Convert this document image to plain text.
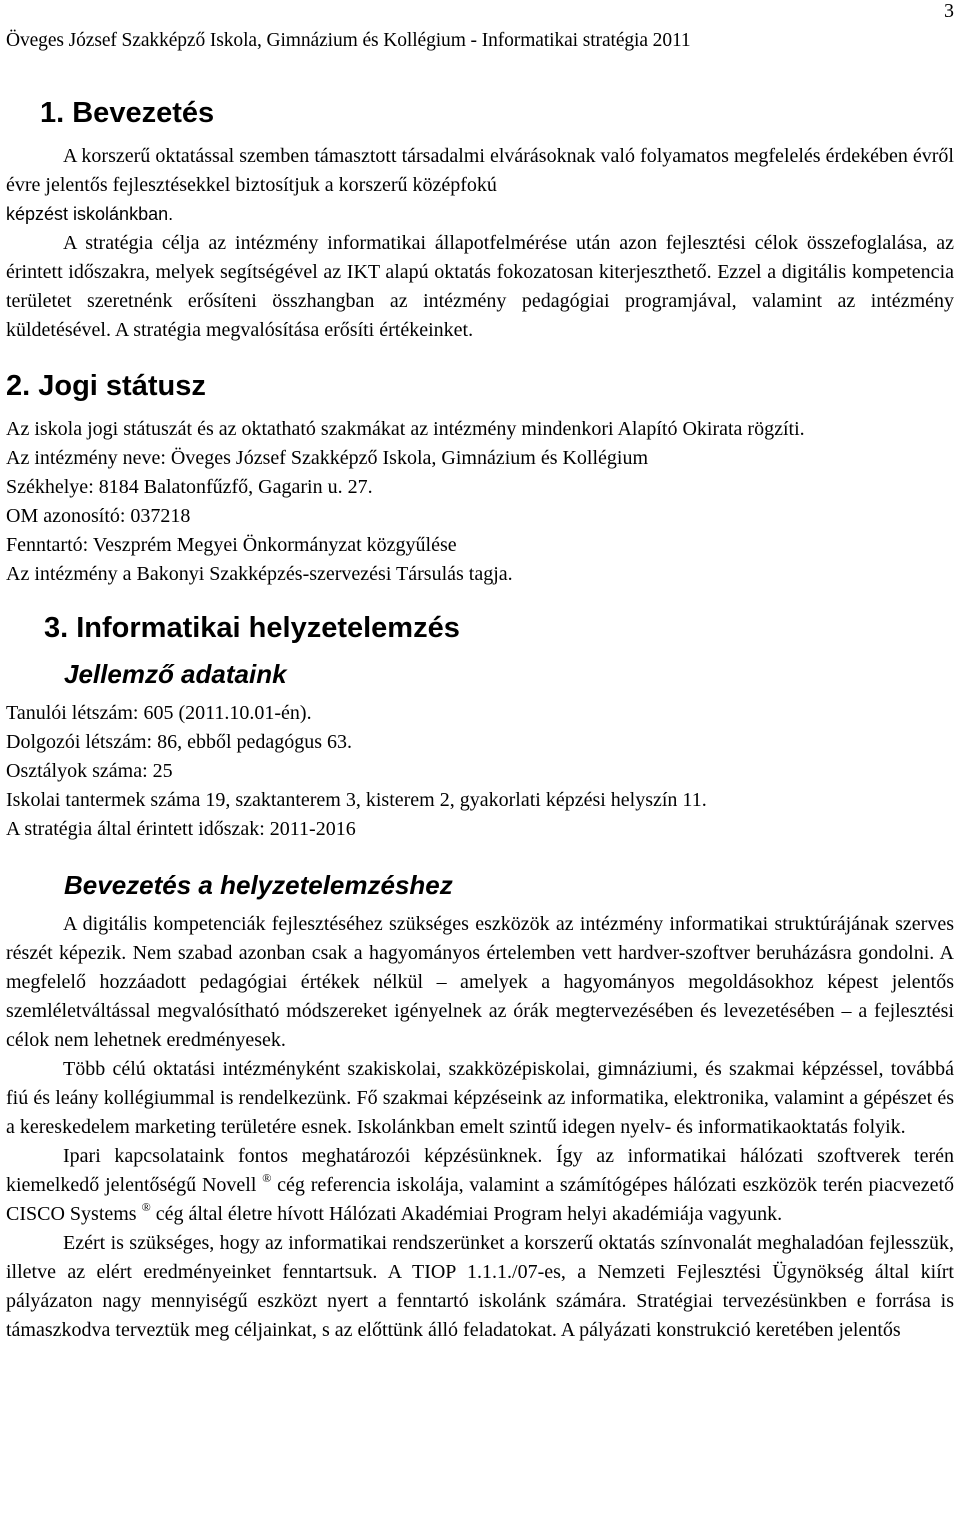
3
Öveges József Szakképző Iskola, Gimnázium és Kollégium - Informatikai stratégia 2011
1. Bevezetés

A korszerű oktatással szemben támasztott társadalmi elvárásoknak való folyamatos megfelelés érdekében évről évre jelentős fejlesztésekkel biztosítjuk a korszerű középfokú

képzést iskolánkban.

A stratégia célja az intézmény informatikai állapotfelmérése után azon fejlesztési célok összefoglalása, az érintett időszakra, melyek segítségével az IKT alapú oktatás fokozatosan kiterjeszthető. Ezzel a digitális kompetencia területet szeretnénk erősíteni összhangban az intézmény pedagógiai programjával, valamint az intézmény küldetésével. A stratégia megvalósítása erősíti értékeinket.

2. Jogi státusz

Az iskola jogi státuszát és az oktatható szakmákat az intézmény mindenkori Alapító Okirata rögzíti.

Az intézmény neve: Öveges József Szakképző Iskola, Gimnázium és Kollégium
Székhelye: 8184 Balatonfűzfő, Gagarin u. 27.
OM azonosító: 037218
Fenntartó: Veszprém Megyei Önkormányzat közgyűlése
Az intézmény a Bakonyi Szakképzés-szervezési Társulás tagja.
3. Informatikai helyzetelemzés
Jellemző adataink
Tanulói létszám: 605 (2011.10.01-én).
Dolgozói létszám: 86, ebből pedagógus 63.
Osztályok száma: 25
Iskolai tantermek száma 19, szaktanterem 3, kisterem 2, gyakorlati képzési helyszín 11.
A stratégia által érintett időszak: 2011-2016
Bevezetés a helyzetelemzéshez

A digitális kompetenciák fejlesztéséhez szükséges eszközök az intézmény informatikai struktúrájának szerves részét képezik. Nem szabad azonban csak a hagyományos értelemben vett hardver-szoftver beruházásra gondolni. A megfelelő hozzáadott pedagógiai értékek nélkül – amelyek a hagyományos megoldásokhoz képest jelentős szemléletváltással megvalósítható módszereket igényelnek az órák megtervezésében és levezetésében – a fejlesztési célok nem lehetnek eredményesek.

Több célú oktatási intézményként szakiskolai, szakközépiskolai, gimnáziumi, és szakmai képzéssel, továbbá fiú és leány kollégiummal is rendelkezünk. Fő szakmai képzéseink az informatika, elektronika, valamint a gépészet és a kereskedelem marketing területére esnek. Iskolánkban emelt szintű idegen nyelv- és informatikaoktatás folyik.

Ipari kapcsolataink fontos meghatározói képzésünknek. Így az informatikai hálózati szoftverek terén kiemelkedő jelentőségű Novell ® cég referencia iskolája, valamint a számítógépes hálózati eszközök terén piacvezető CISCO Systems ® cég által életre hívott Hálózati Akadémiai Program helyi akadémiája vagyunk.

Ezért is szükséges, hogy az informatikai rendszerünket a korszerű oktatás színvonalát meghaladóan fejlesszük, illetve az elért eredményeinket fenntartsuk. A TIOP 1.1.1./07-es, a Nemzeti Fejlesztési Ügynökség által kiírt pályázaton nagy mennyiségű eszközt nyert a fenntartó iskolánk számára. Stratégiai tervezésünkben e forrása is támaszkodva terveztük meg céljainkat, s az előttünk álló feladatokat. A pályázati konstrukció keretében jelentős
